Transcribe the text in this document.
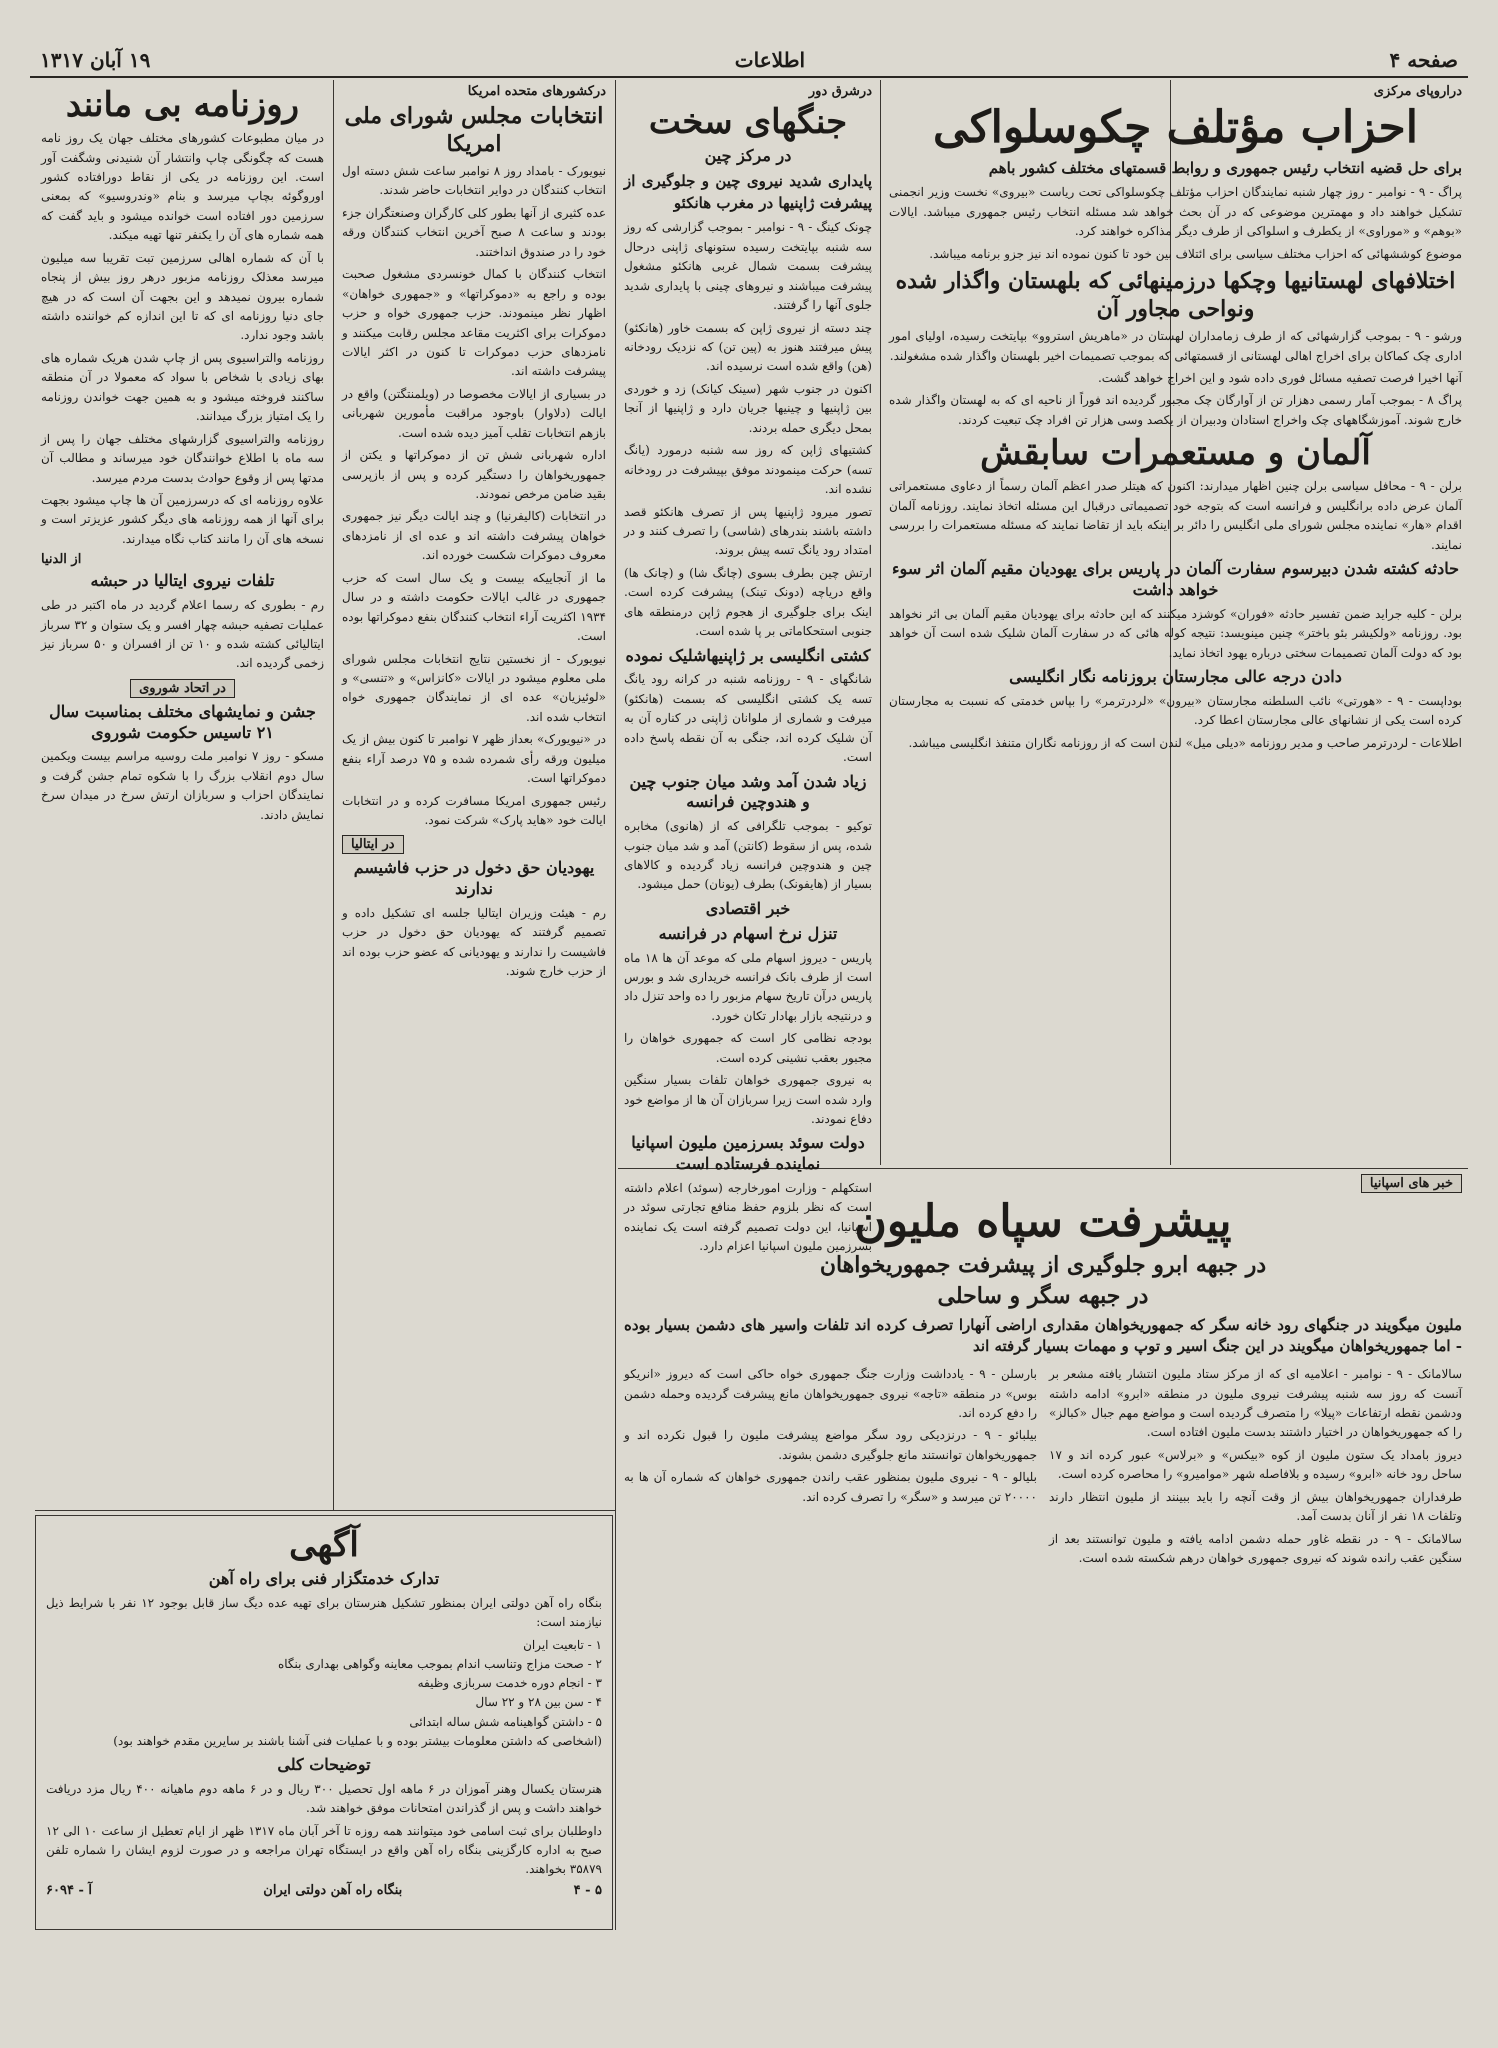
صفحه ۴
اطلاعات
۱۹ آبان ۱۳۱۷
دراروپای مرکزی
احزاب مؤتلف چکوسلواکی
برای حل قضیه انتخاب رئیس جمهوری و روابط قسمتهای مختلف کشور باهم
پراگ - ۹ - نوامبر - روز چهار شنبه نمایندگان احزاب مؤتلف چکوسلواکی تحت ریاست «بیروی» نخست وزیر انجمنی تشکیل خواهند داد و مهمترین موضوعی که در آن بحث خواهد شد مسئله انتخاب رئیس جمهوری میباشد. ایالات «بوهم» و «موراوی» از یکطرف و اسلواکی از طرف دیگر مذاکره خواهند کرد.
موضوع کوششهائی که احزاب مختلف سیاسی برای ائتلاف بین خود تا کنون نموده اند نیز جزو برنامه میباشد.
اختلافهای لهستانیها وچکها درزمینهائی که بلهستان واگذار شده ونواحی مجاور آن
ورشو - ۹ - بموجب گزارشهائی که از طرف زمامداران لهستان در «ماهریش استروو» بپایتخت رسیده، اولیای امور اداری چک کماکان برای اخراج اهالی لهستانی از قسمتهائی که بموجب تصمیمات اخیر بلهستان واگذار شده مشغولند.
آنها اخیرا فرصت تصفیه مسائل فوری داده شود و این اخراج خواهد گشت.
پراگ ۸ - بموجب آمار رسمی دهزار تن از آوارگان چک مجبور گردیده اند فوراً از ناحیه ای که به لهستان واگذار شده خارج شوند. آموزشگاههای چک واخراج استادان ودبیران از یکصد وسی هزار تن افراد چک تبعیت کردند.
آلمان و مستعمرات سابقش
برلن - ۹ - محافل سیاسی برلن چنین اظهار میدارند: اکنون که هیتلر صدر اعظم آلمان رسماً از دعاوی مستعمراتی آلمان عرض داده برانگلیس و فرانسه است که بتوجه خود تصمیماتی درقبال این مسئله اتخاذ نمایند. روزنامه آلمان اقدام «هار» نماینده مجلس شورای ملی انگلیس را دائر بر اینکه باید از تقاضا نمایند که مسئله مستعمرات را بررسی نمایند.
حادثه کشته شدن دبیرسوم سفارت آلمان در پاریس برای یهودیان مقیم آلمان اثر سوء خواهد داشت
برلن - کلیه جراید ضمن تفسیر حادثه «فوران» کوشزد میکنند که این حادثه برای یهودیان مقیم آلمان بی اثر نخواهد بود. روزنامه «ولکیشر بئو باختر» چنین مینویسد: نتیجه کوله هائی که در سفارت آلمان شلیک شده است آن خواهد بود که دولت آلمان تصمیمات سختی درباره یهود اتخاذ نماید.
دادن درجه عالی مجارستان بروزنامه نگار انگلیسی
بوداپست - ۹ - «هورتی» نائب السلطنه مجارستان «بیرون» «لردرترمر» را بپاس خدمتی که نسبت به مجارستان کرده است یکی از نشانهای عالی مجارستان اعطا کرد.
اطلاعات - لردرترمر صاحب و مدیر روزنامه «دیلی میل» لندن است که از روزنامه نگاران متنفذ انگلیسی میباشد.
خبر های اسپانیا
پیشرفت سپاه ملیون
در جبهه ابرو جلوگیری از پیشرفت جمهوریخواهان
در جبهه سگر و ساحلی
ملیون میگویند در جنگهای رود خانه سگر که جمهوریخواهان مقداری اراضی آنهارا تصرف کرده اند تلفات واسیر های دشمن بسیار بوده - اما جمهوریخواهان میگویند در این جنگ اسیر و توپ و مهمات بسیار گرفته اند
سالامانک - ۹ - نوامبر - اعلامیه ای که از مرکز ستاد ملیون انتشار یافته مشعر بر آنست که روز سه شنبه پیشرفت نیروی ملیون در منطقه «ابرو» ادامه داشته ودشمن نقطه ارتفاعات «پیلا» را متصرف گردیده است و مواضع مهم جبال «کبالز» را که جمهوریخواهان در اختیار داشتند بدست ملیون افتاده است.
دیروز بامداد یک ستون ملیون از کوه «بیکس» و «برلاس» عبور کرده اند و ۱۷ ساحل رود خانه «ابرو» رسیده و بلافاصله شهر «موامیرو» را محاصره کرده است.
طرفداران جمهوریخواهان بیش از وقت آنچه را باید ببینند از ملیون انتظار دارند وتلفات ۱۸ نفر از آنان بدست آمد.
سالامانک - ۹ - در نقطه غاور حمله دشمن ادامه یافته و ملیون توانستند بعد از سنگین عقب رانده شوند که نیروی جمهوری خواهان درهم شکسته شده است.
بارسلن - ۹ - یادداشت وزارت جنگ جمهوری خواه حاکی است که دیروز «انریکو بوس» در منطقه «تاجه» نیروی جمهوریخواهان مانع پیشرفت گردیده وحمله دشمن را دفع کرده اند.
بیلبائو - ۹ - درنزدیکی رود سگر مواضع پیشرفت ملیون را قبول نکرده اند و جمهوریخواهان توانستند مانع جلوگیری دشمن بشوند.
بلیالو - ۹ - نیروی ملیون بمنظور عقب راندن جمهوری خواهان که شماره آن ها به ۲۰۰۰۰ تن میرسد و «سگر» را تصرف کرده اند.
درشرق دور
جنگهای سخت
در مرکز چین
پایداری شدید نیروی چین و جلوگیری از پیشرفت ژاپنیها در مغرب هانکئو
چونک کینگ - ۹ - نوامبر - بموجب گزارشی که روز سه شنبه بپایتخت رسیده ستونهای ژاپنی درحال پیشرفت بسمت شمال غربی هانکئو مشغول پیشرفت میباشند و نیروهای چینی با پایداری شدید جلوی آنها را گرفتند.
چند دسته از نیروی ژاپن که بسمت خاور (هانکئو) پیش میرفتند هنوز به (پین تن) که نزدیک رودخانه (هن) واقع شده است نرسیده اند.
اکنون در جنوب شهر (سینک کیانک) زد و خوردی بین ژاپنیها و چینیها جریان دارد و ژاپنیها از آنجا بمحل دیگری حمله بردند.
کشتیهای ژاپن که روز سه شنبه درمورد (یانگ تسه) حرکت مینمودند موفق بپیشرفت در رودخانه نشده اند.
تصور میرود ژاپنیها پس از تصرف هانکئو قصد داشته باشند بندرهای (شاسی) را تصرف کنند و در امتداد رود یانگ تسه پیش بروند.
ارتش چین بطرف بسوی (چانگ شا) و (چانک ها) واقع دریاچه (دونک تینک) پیشرفت کرده است. اینک برای جلوگیری از هجوم ژاپن درمنطقه های جنوبی استحکاماتی بر پا شده است.
کشتی انگلیسی بر ژاپنیهاشلیک نموده
شانگهای - ۹ - روزنامه شنبه در کرانه رود یانگ تسه یک کشتی انگلیسی که بسمت (هانکئو) میرفت و شماری از ملوانان ژاپنی در کناره آن به آن شلیک کرده اند، جنگی به آن نقطه پاسخ داده است.
زیاد شدن آمد وشد میان جنوب چین و هندوچین فرانسه
توکیو - بموجب تلگرافی که از (هانوی) مخابره شده، پس از سقوط (کانتن) آمد و شد میان جنوب چین و هندوچین فرانسه زیاد گردیده و کالاهای بسیار از (هایفونک) بطرف (یونان) حمل میشود.
خبر اقتصادی
تنزل نرخ اسهام در فرانسه
پاریس - دیروز اسهام ملی که موعد آن ها ۱۸ ماه است از طرف بانک فرانسه خریداری شد و بورس پاریس درآن تاریخ سهام مزبور را ده واحد تنزل داد و درنتیجه بازار بهادار تکان خورد.
بودجه نظامی کار است که جمهوری خواهان را مجبور بعقب نشینی کرده است.
به نیروی جمهوری خواهان تلفات بسیار سنگین وارد شده است زیرا سربازان آن ها از مواضع خود دفاع نمودند.
دولت سوئد بسرزمین ملیون اسپانیا نماینده فرستاده است
استکهلم - وزارت امورخارجه (سوئد) اعلام داشته است که نظر بلزوم حفظ منافع تجارتی سوئد در اسپانیا، این دولت تصمیم گرفته است یک نماینده بسرزمین ملیون اسپانیا اعزام دارد.
درکشورهای متحده امریکا
انتخابات مجلس شورای ملی امریکا
نیویورک - بامداد روز ۸ نوامبر ساعت شش دسته اول انتخاب کنندگان در دوایر انتخابات حاضر شدند.
عده کثیری از آنها بطور کلی کارگران وصنعتگران جزء بودند و ساعت ۸ صبح آخرین انتخاب کنندگان ورقه خود را در صندوق انداختند.
انتخاب کنندگان با کمال خونسردی مشغول صحبت بوده و راجع به «دموکراتها» و «جمهوری خواهان» اظهار نظر مینمودند. حزب جمهوری خواه و حزب دموکرات برای اکثریت مقاعد مجلس رقابت میکنند و نامزدهای حزب دموکرات تا کنون در اکثر ایالات پیشرفت داشته اند.
در بسیاری از ایالات مخصوصا در (ویلمنتگتن) واقع در ایالت (دلاوار) باوجود مراقبت مأمورین شهربانی بازهم انتخابات تقلب آمیز دیده شده است.
اداره شهربانی شش تن از دموکراتها و یکتن از جمهوریخواهان را دستگیر کرده و پس از بازپرسی بقید ضامن مرخص نمودند.
در انتخابات (کالیفرنیا) و چند ایالت دیگر نیز جمهوری خواهان پیشرفت داشته اند و عده ای از نامزدهای معروف دموکرات شکست خورده اند.
ما از آنجاییکه بیست و یک سال است که حزب جمهوری در غالب ایالات حکومت داشته و در سال ۱۹۳۴ اکثریت آراء انتخاب کنندگان بنفع دموکراتها بوده است.
نیویورک - از نخستین نتایج انتخابات مجلس شورای ملی معلوم میشود در ایالات «کانزاس» و «تنسی» و «لوئیزیان» عده ای از نمایندگان جمهوری خواه انتخاب شده اند.
در «نیویورک» بعداز ظهر ۷ نوامبر تا کنون بیش از یک میلیون ورقه رأی شمرده شده و ۷۵ درصد آراء بنفع دموکراتها است.
رئیس جمهوری امریکا مسافرت کرده و در انتخابات ایالت خود «هاید پارک» شرکت نمود.
در ایتالیا
یهودیان حق دخول در حزب فاشیسم ندارند
رم - هیئت وزیران ایتالیا جلسه ای تشکیل داده و تصمیم گرفتند که یهودیان حق دخول در حزب فاشیست را ندارند و یهودیانی که عضو حزب بوده اند از حزب خارج شوند.
روزنامه بی مانند
در میان مطبوعات کشورهای مختلف جهان یک روز نامه هست که چگونگی چاپ وانتشار آن شنیدنی وشگفت آور است. این روزنامه در یکی از نقاط دورافتاده کشور اوروگوئه بچاپ میرسد و بنام «وندروسیو» که بمعنی سرزمین دور افتاده است خوانده میشود و باید گفت که همه شماره های آن را یکنفر تنها تهیه میکند.
با آن که شماره اهالی سرزمین تبت تقریبا سه میلیون میرسد معذلک روزنامه مزبور درهر روز بیش از پنجاه شماره بیرون نمیدهد و این بجهت آن است که در هیچ جای دنیا روزنامه ای که تا این اندازه کم خواننده داشته باشد وجود ندارد.
روزنامه والتراسیوی پس از چاپ شدن هریک شماره های بهای زیادی با شخاص با سواد که معمولا در آن منطقه ساکنند فروخته میشود و به همین جهت خواندن روزنامه را یک امتیاز بزرگ میدانند.
روزنامه والتراسیوی گزارشهای مختلف جهان را پس از سه ماه با اطلاع خوانندگان خود میرساند و مطالب آن مدتها پس از وقوع حوادث بدست مردم میرسد.
علاوه روزنامه ای که درسرزمین آن ها چاپ میشود بجهت برای آنها از همه روزنامه های دیگر کشور عزیزتر است و نسخه های آن را مانند کتاب نگاه میدارند.
از الدنیا
تلفات نیروی ایتالیا در حبشه
رم - بطوری که رسما اعلام گردید در ماه اکتبر در طی عملیات تصفیه حبشه چهار افسر و یک ستوان و ۳۲ سرباز ایتالیائی کشته شده و ۱۰ تن از افسران و ۵۰ سرباز نیز زخمی گردیده اند.
در اتحاد شوروی
جشن و نمایشهای مختلف بمناسبت سال ۲۱ تاسیس حکومت شوروی
مسکو - روز ۷ نوامبر ملت روسیه مراسم بیست ویکمین سال دوم انقلاب بزرگ را با شکوه تمام جشن گرفت و نمایندگان احزاب و سربازان ارتش سرخ در میدان سرخ نمایش دادند.
آگهی
تدارک خدمتگزار فنی برای راه آهن
بنگاه راه آهن دولتی ایران بمنظور تشکیل هنرستان برای تهیه عده دیگ ساز قابل بوجود ۱۲ نفر با شرایط ذیل نیازمند است:
۱ - تابعیت ایران
۲ - صحت مزاج وتناسب اندام بموجب معاینه وگواهی بهداری بنگاه
۳ - انجام دوره خدمت سربازی وظیفه
۴ - سن بین ۲۸ و ۲۲ سال
۵ - داشتن گواهینامه شش ساله ابتدائی
(اشخاصی که داشتن معلومات بیشتر بوده و با عملیات فنی آشنا باشند بر سایرین مقدم خواهند بود)
توضیحات کلی
هنرستان یکسال وهنر آموزان در ۶ ماهه اول تحصیل ۳۰۰ ریال و در ۶ ماهه دوم ماهیانه ۴۰۰ ریال مزد دریافت خواهند داشت و پس از گذراندن امتحانات موفق خواهند شد.
داوطلبان برای ثبت اسامی خود میتوانند همه روزه تا آخر آبان ماه ۱۳۱۷ ظهر از ایام تعطیل از ساعت ۱۰ الی ۱۲ صبح به اداره کارگزینی بنگاه راه آهن واقع در ایستگاه تهران مراجعه و در صورت لزوم ایشان را شماره تلفن ۳۵۸۷۹ بخواهند.
۵ - ۴
بنگاه راه آهن دولتی ایران
آ - ۶۰۹۴
